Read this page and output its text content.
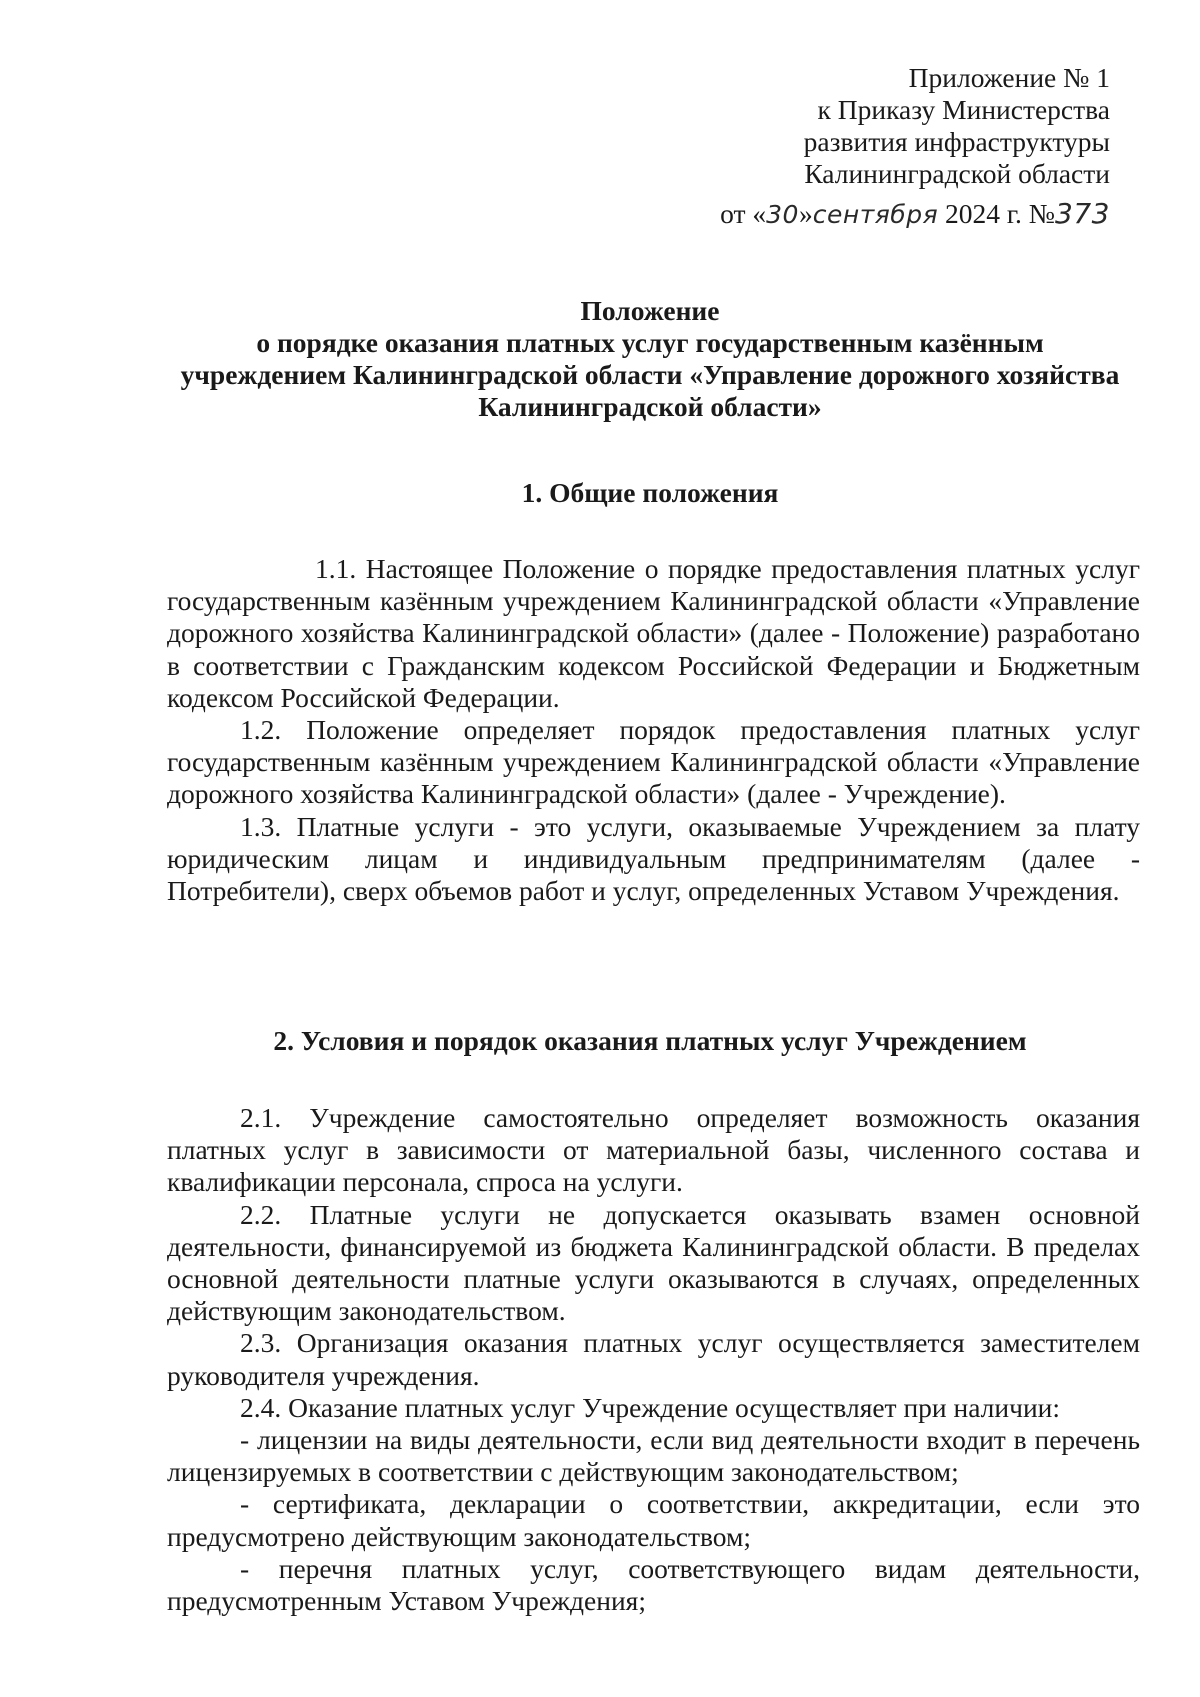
Приложение № 1
к Приказу Министерства
развития инфраструктуры
Калининградской области
от «30»сентября 2024 г. №373
Положение
о порядке оказания платных услуг государственным казённым
учреждением Калининградской области «Управление дорожного хозяйства
Калининградской области»
1. Общие положения

1.1. Настоящее Положение о порядке предоставления платных услуг государственным казённым учреждением Калининградской области «Управление дорожного хозяйства Калининградской области» (далее - Положение) разработано в соответствии с Гражданским кодексом Российской Федерации и Бюджетным кодексом Российской Федерации.

1.2. Положение определяет порядок предоставления платных услуг государственным казённым учреждением Калининградской области «Управление дорожного хозяйства Калининградской области» (далее - Учреждение).

1.3. Платные услуги - это услуги, оказываемые Учреждением за плату юридическим лицам и индивидуальным предпринимателям (далее - Потребители), сверх объемов работ и услуг, определенных Уставом Учреждения.

2. Условия и порядок оказания платных услуг Учреждением

2.1. Учреждение самостоятельно определяет возможность оказания платных услуг в зависимости от материальной базы, численного состава и квалификации персонала, спроса на услуги.

2.2. Платные услуги не допускается оказывать взамен основной деятельности, финансируемой из бюджета Калининградской области. В пределах основной деятельности платные услуги оказываются в случаях, определенных действующим законодательством.

2.3. Организация оказания платных услуг осуществляется заместителем руководителя учреждения.

2.4. Оказание платных услуг Учреждение осуществляет при наличии:

- лицензии на виды деятельности, если вид деятельности входит в перечень лицензируемых в соответствии с действующим законодательством;

- сертификата, декларации о соответствии, аккредитации, если это предусмотрено действующим законодательством;

- перечня платных услуг, соответствующего видам деятельности, предусмотренным Уставом Учреждения;
